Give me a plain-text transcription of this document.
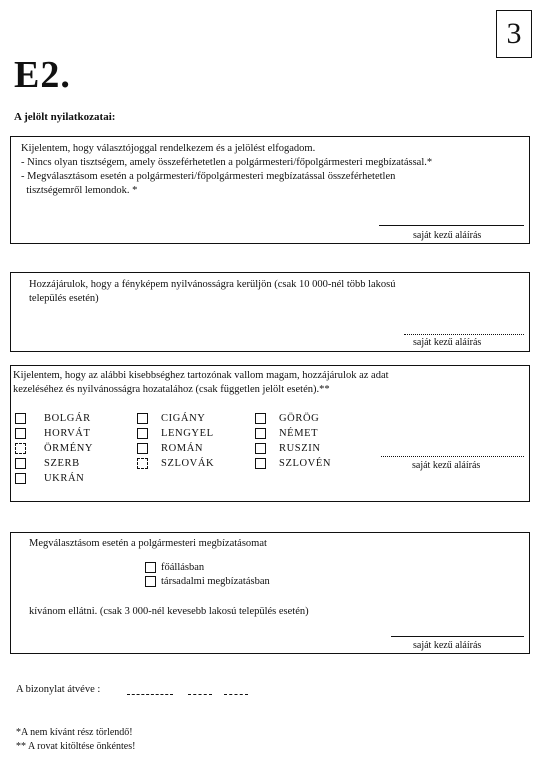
3
E2.
A jelölt nyilatkozatai:
Kijelentem, hogy választójoggal rendelkezem és a jelölést elfogadom.
- Nincs olyan tisztségem, amely összeférhetetlen a polgármesteri/főpolgármesteri megbízatással.*
- Megválasztásom esetén a polgármesteri/főpolgármesteri megbízatással összeférhetetlen
tisztségemről lemondok. *
saját kezű aláírás
Hozzájárulok, hogy a fényképem nyilvánosságra kerüljön (csak 10 000-nél több lakosú
település esetén)
saját kezű aláírás
Kijelentem, hogy az alábbi kisebbséghez tartozónak vallom magam, hozzájárulok az adat
kezeléséhez és nyilvánosságra hozatalához (csak független jelölt esetén).**
BOLGÁR
HORVÁT
ÖRMÉNY
SZERB
UKRÁN
CIGÁNY
LENGYEL
ROMÁN
SZLOVÁK
GÖRÖG
NÉMET
RUSZIN
SZLOVÉN	saját kezű aláírás
Megválasztásom esetén a polgármesteri megbízatásomat
főállásban
társadalmi megbízatásban
kívánom ellátni. (csak 3 000-nél kevesebb lakosú település esetén)
saját kezű aláírás
A bizonylat átvéve :
*A nem kívánt rész törlendő!
** A rovat kitöltése önkéntes!
